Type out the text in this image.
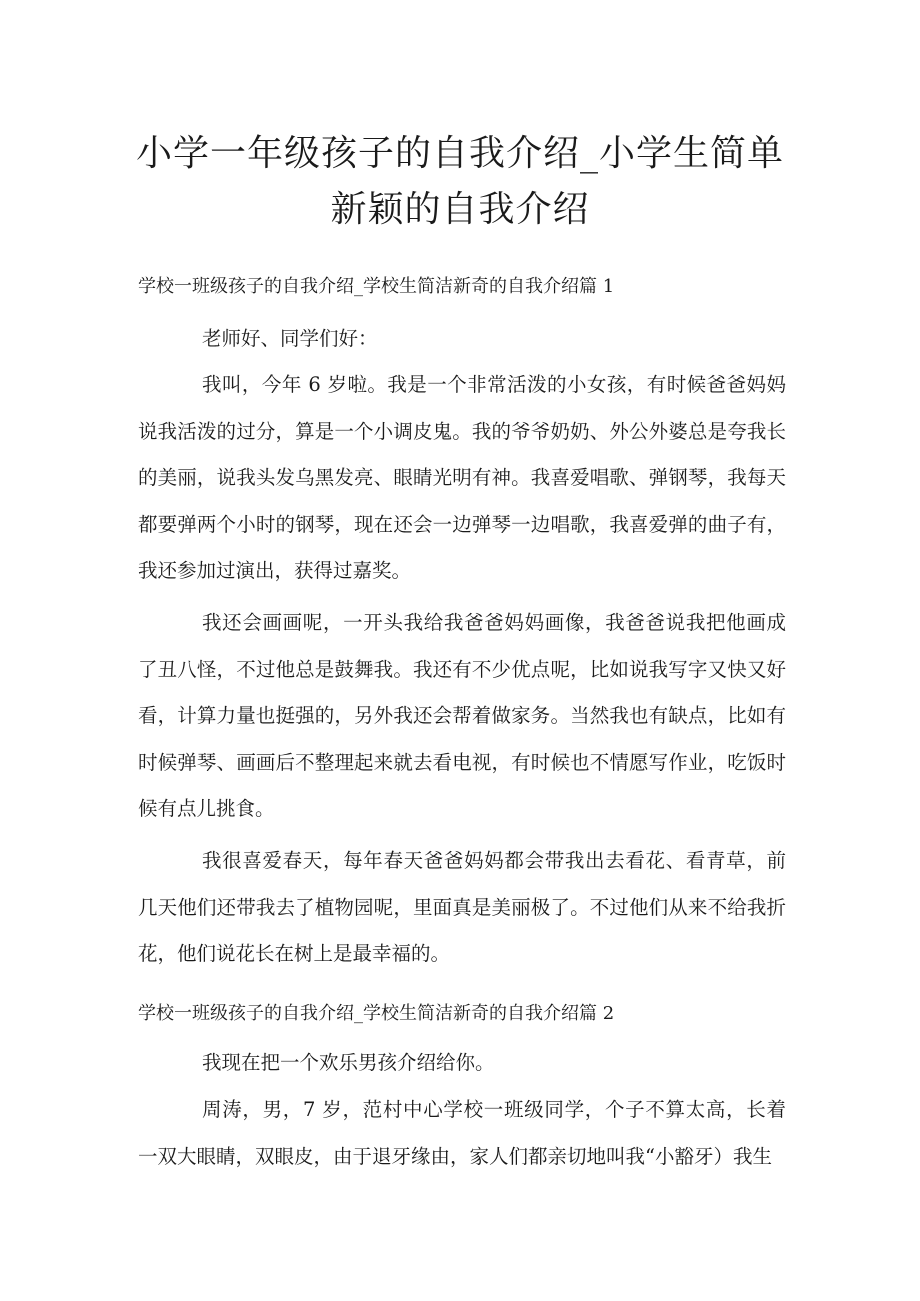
小学一年级孩子的自我介绍_小学生简单新颖的自我介绍
学校一班级孩子的自我介绍_学校生简洁新奇的自我介绍篇 1

老师好、同学们好：

我叫，今年 6 岁啦。我是一个非常活泼的小女孩，有时候爸爸妈妈说我活泼的过分，算是一个小调皮鬼。我的爷爷奶奶、外公外婆总是夸我长的美丽，说我头发乌黑发亮、眼睛光明有神。我喜爱唱歌、弹钢琴，我每天都要弹两个小时的钢琴，现在还会一边弹琴一边唱歌，我喜爱弹的曲子有，我还参加过演出，获得过嘉奖。

我还会画画呢，一开头我给我爸爸妈妈画像，我爸爸说我把他画成了丑八怪，不过他总是鼓舞我。我还有不少优点呢，比如说我写字又快又好看，计算力量也挺强的，另外我还会帮着做家务。当然我也有缺点，比如有时候弹琴、画画后不整理起来就去看电视，有时候也不情愿写作业，吃饭时候有点儿挑食。

我很喜爱春天，每年春天爸爸妈妈都会带我出去看花、看青草，前几天他们还带我去了植物园呢，里面真是美丽极了。不过他们从来不给我折花，他们说花长在树上是最幸福的。

学校一班级孩子的自我介绍_学校生简洁新奇的自我介绍篇 2

我现在把一个欢乐男孩介绍给你。

周涛，男，7 岁，范村中心学校一班级同学，个子不算太高，长着一双大眼睛，双眼皮，由于退牙缘由，家人们都亲切地叫我“小豁牙）我生
